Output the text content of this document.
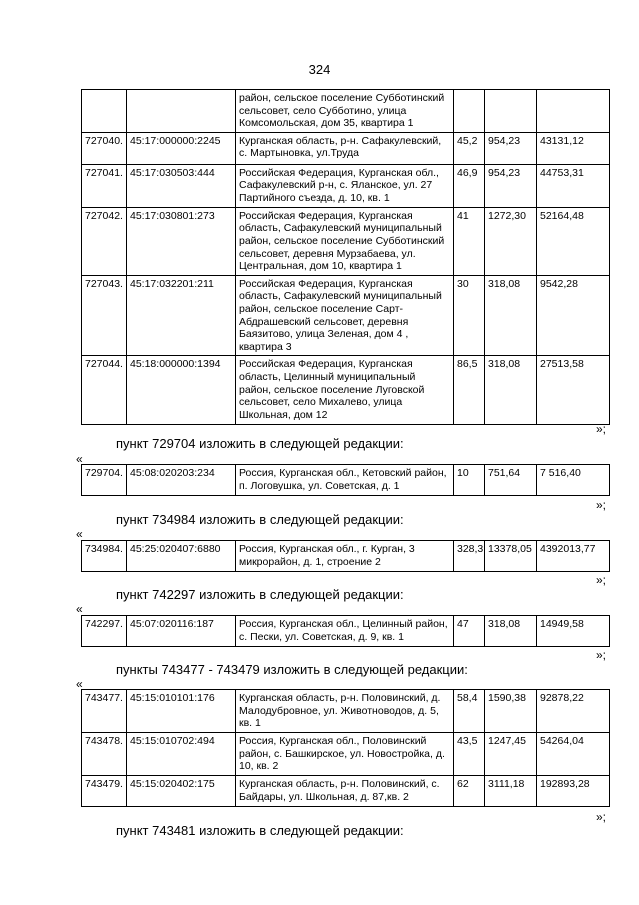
324
		район, сельское поселение Субботинский сельсовет, село Субботино, улица Комсомольская, дом 35, квартира 1			
727040.	45:17:000000:2245	Курганская область, р-н. Сафакулевский, с. Мартыновка, ул.Труда	45,2	954,23	43131,12
727041.	45:17:030503:444	Российская Федерация, Курганская обл., Сафакулевский р-н, с. Яланское, ул. 27 Партийного съезда, д. 10, кв. 1	46,9	954,23	44753,31
727042.	45:17:030801:273	Российская Федерация, Курганская область, Сафакулевский муниципальный район, сельское поселение Субботинский сельсовет, деревня Мурзабаева, ул. Центральная, дом 10, квартира 1	41	1272,30	52164,48
727043.	45:17:032201:211	Российская Федерация, Курганская область, Сафакулевский муниципальный район, сельское поселение Сарт-Абдрашевский сельсовет, деревня Баязитово, улица Зеленая, дом 4 , квартира 3	30	318,08	9542,28
727044.	45:18:000000:1394	Российская Федерация, Курганская область, Целинный муниципальный район, сельское поселение Луговской сельсовет, село Михалево, улица Школьная, дом 12	86,5	318,08	27513,58
»;
пункт 729704 изложить в следующей редакции:
«
729704.	45:08:020203:234	Россия, Курганская обл., Кетовский район, п. Логовушка, ул. Советская, д. 1	10	751,64	7 516,40
»;
пункт 734984 изложить в следующей редакции:
«
734984.	45:25:020407:6880	Россия, Курганская обл., г. Курган, 3 микрорайон, д. 1, строение 2	328,3	13378,05	4392013,77
»;
пункт 742297 изложить в следующей редакции:
«
742297.	45:07:020116:187	Россия, Курганская обл., Целинный район, с. Пески, ул. Советская, д. 9, кв. 1	47	318,08	14949,58
»;
пункты 743477 - 743479 изложить в следующей редакции:
«
743477.	45:15:010101:176	Курганская область, р-н. Половинский, д. Малодубровное, ул. Животноводов, д. 5, кв. 1	58,4	1590,38	92878,22
743478.	45:15:010702:494	Россия, Курганская обл., Половинский район, с. Башкирское, ул. Новостройка, д. 10, кв. 2	43,5	1247,45	54264,04
743479.	45:15:020402:175	Курганская область, р-н. Половинский, с. Байдары, ул. Школьная, д. 87,кв. 2	62	3111,18	192893,28
»;
пункт 743481 изложить в следующей редакции:
